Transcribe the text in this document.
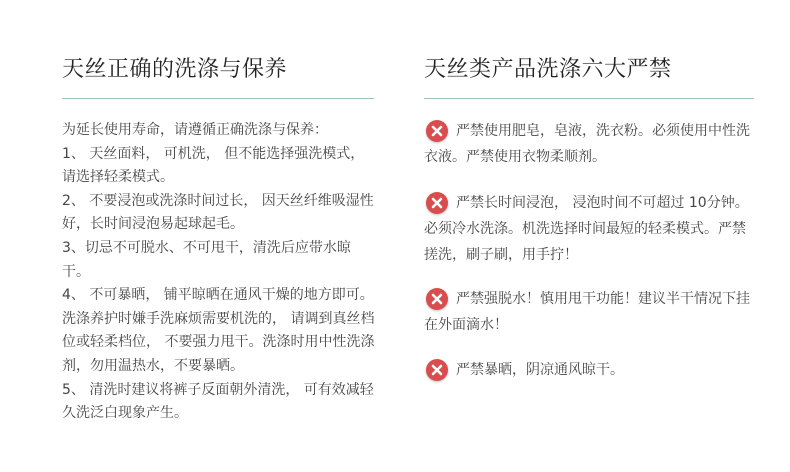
天丝正确的洗涤与保养

为延长使用寿命，请遵循正确洗涤与保养：

1、 天丝面料， 可机洗， 但不能选择强洗模式，请选择轻柔模式。

2、 不要浸泡或洗涤时间过长， 因天丝纤维吸湿性好，长时间浸泡易起球起毛。

3、切忌不可脱水、不可甩干，清洗后应带水晾干。

4、 不可暴晒， 铺平晾晒在通风干燥的地方即可。洗涤养护时嫌手洗麻烦需要机洗的， 请调到真丝档位或轻柔档位， 不要强力甩干。洗涤时用中性洗涤剂，勿用温热水，不要暴晒。

5、 清洗时建议将裤子反面朝外清洗， 可有效减轻久洗泛白现象产生。

天丝类产品洗涤六大严禁

严禁使用肥皂，皂液，洗衣粉。必须使用中性洗衣液。严禁使用衣物柔顺剂。

严禁长时间浸泡， 浸泡时间不可超过 10分钟。必须冷水洗涤。机洗选择时间最短的轻柔模式。严禁搓洗，刷子刷，用手拧！

严禁强脱水！慎用甩干功能！建议半干情况下挂在外面滴水！

严禁暴晒，阴凉通风晾干。
